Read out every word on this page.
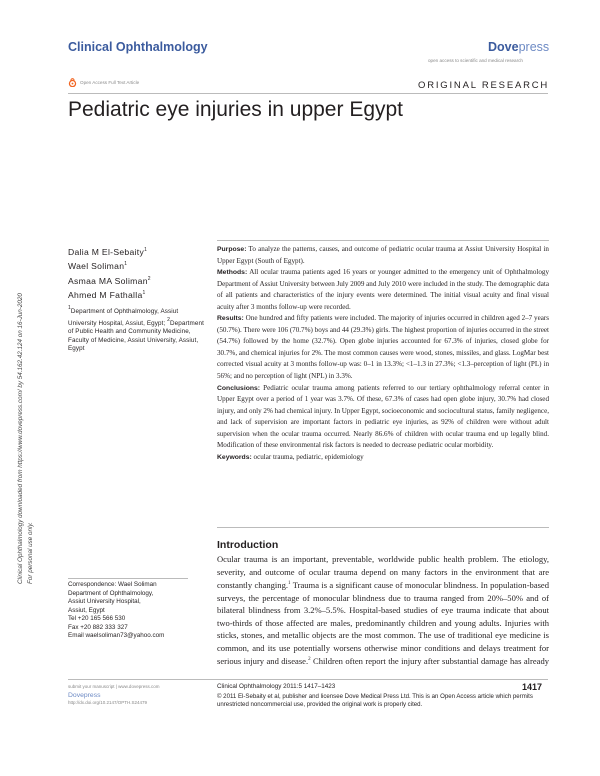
Clinical Ophthalmology	Dovepress
open access to scientific and medical research
Open Access Full Text Article	ORIGINAL RESEARCH
Pediatric eye injuries in upper Egypt
Clinical Ophthalmology downloaded from https://www.dovepress.com/ by 54.162.42.124 on 16-Jun-2020 For personal use only.
Dalia M El-Sebaity$^1$
Wael Soliman$^1$
Asmaa MA Soliman$^2$
Ahmed M Fathalla$^1$
$^1$Department of Ophthalmology, Assiut University Hospital, Assiut, Egypt; $^2$Department of Public Health and Community Medicine, Faculty of Medicine, Assiut University, Assiut, Egypt

Purpose: To analyze the patterns, causes, and outcome of pediatric ocular trauma at Assiut University Hospital in Upper Egypt (South of Egypt).

Methods: All ocular trauma patients aged 16 years or younger admitted to the emergency unit of Ophthalmology Department of Assiut University between July 2009 and July 2010 were included in the study. The demographic data of all patients and characteristics of the injury events were determined. The initial visual acuity and final visual acuity after 3 months follow-up were recorded.

Results: One hundred and fifty patients were included. The majority of injuries occurred in children aged 2–7 years (50.7%). There were 106 (70.7%) boys and 44 (29.3%) girls. The highest proportion of injuries occurred in the street (54.7%) followed by the home (32.7%). Open globe injuries accounted for 67.3% of injuries, closed globe for 30.7%, and chemical injuries for 2%. The most common causes were wood, stones, missiles, and glass. LogMar best corrected visual acuity at 3 months follow-up was: 0–1 in 13.3%; <1–1.3 in 27.3%; <1.3–perception of light (PL) in 56%; and no perception of light (NPL) in 3.3%.

Conclusions: Pediatric ocular trauma among patients referred to our tertiary ophthalmology referral center in Upper Egypt over a period of 1 year was 3.7%. Of these, 67.3% of cases had open globe injury, 30.7% had closed injury, and only 2% had chemical injury. In Upper Egypt, socioeconomic and sociocultural status, family negligence, and lack of supervision are important factors in pediatric eye injuries, as 92% of children were without adult supervision when the ocular trauma occurred. Nearly 86.6% of children with ocular trauma end up legally blind. Modification of these environmental risk factors is needed to decrease pediatric ocular morbidity.

Keywords: ocular trauma, pediatric, epidemiology

Introduction

Ocular trauma is an important, preventable, worldwide public health problem. The etiology, severity, and outcome of ocular trauma depend on many factors in the environment that are constantly changing.$^1$ Trauma is a significant cause of monocular blindness. In population-based surveys, the percentage of monocular blindness due to trauma ranged from 20%–50% and of bilateral blindness from 3.2%–5.5%. Hospital-based studies of eye trauma indicate that about two-thirds of those affected are males, predominantly children and young adults. Injuries with sticks, stones, and metallic objects are the most common. The use of traditional eye medicine is common, and its use potentially worsens otherwise minor conditions and delays treatment for serious injury and disease.$^2$ Children often report the injury after substantial damage has already

Correspondence: Wael Soliman
Department of Ophthalmology,
Assiut University Hospital,
Assiut, Egypt
Tel +20 165 566 530
Fax +20 882 333 327
Email waelsoliman73@yahoo.com
submit your manuscript | www.dovepress.com
Dovepress
http://dx.doi.org/10.2147/OPTH.S24479
Clinical Ophthalmology 2011:5 1417–1423	1417
© 2011 El-Sebaity et al, publisher and licensee Dove Medical Press Ltd. This is an Open Access article which permits unrestricted noncommercial use, provided the original work is properly cited.
